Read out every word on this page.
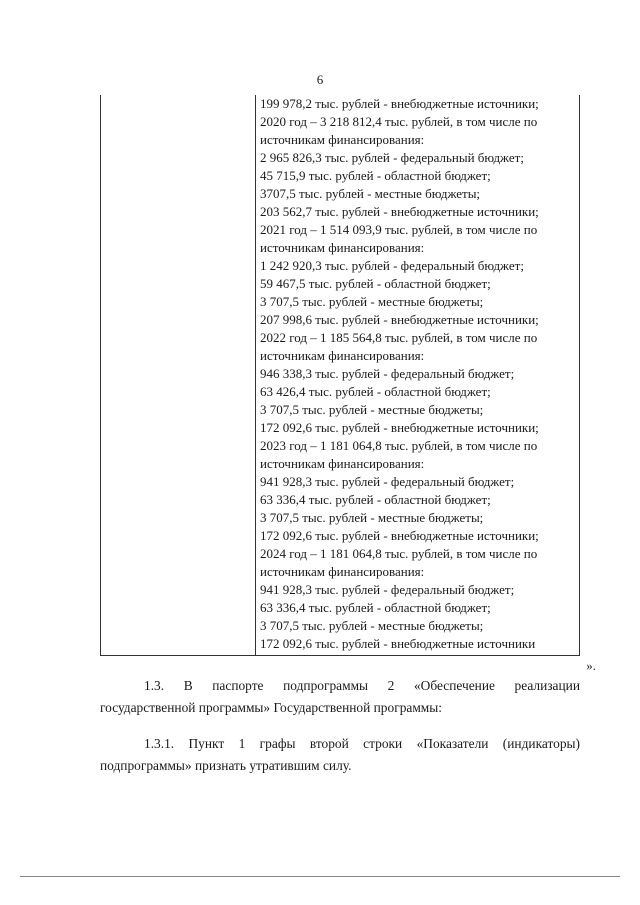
6
199 978,2 тыс. рублей - внебюджетные источники;
2020 год – 3 218 812,4 тыс. рублей, в том числе по
источникам финансирования:
2 965 826,3 тыс. рублей - федеральный бюджет;
45 715,9 тыс. рублей - областной бюджет;
3707,5 тыс. рублей - местные бюджеты;
203 562,7 тыс. рублей - внебюджетные источники;
2021 год – 1 514 093,9 тыс. рублей, в том числе по
источникам финансирования:
1 242 920,3 тыс. рублей - федеральный бюджет;
59 467,5 тыс. рублей - областной бюджет;
3 707,5 тыс. рублей - местные бюджеты;
207 998,6 тыс. рублей - внебюджетные источники;
2022 год – 1 185 564,8 тыс. рублей, в том числе по
источникам финансирования:
946 338,3 тыс. рублей - федеральный бюджет;
63 426,4 тыс. рублей - областной бюджет;
3 707,5 тыс. рублей - местные бюджеты;
172 092,6 тыс. рублей - внебюджетные источники;
2023 год – 1 181 064,8 тыс. рублей, в том числе по
источникам финансирования:
941 928,3 тыс. рублей - федеральный бюджет;
63 336,4 тыс. рублей - областной бюджет;
3 707,5 тыс. рублей - местные бюджеты;
172 092,6 тыс. рублей - внебюджетные источники;
2024 год – 1 181 064,8 тыс. рублей, в том числе по
источникам финансирования:
941 928,3 тыс. рублей - федеральный бюджет;
63 336,4 тыс. рублей - областной бюджет;
3 707,5 тыс. рублей - местные бюджеты;
172 092,6 тыс. рублей - внебюджетные источники
».
1.3. В паспорте подпрограммы 2 «Обеспечение реализации
государственной программы» Государственной программы:
1.3.1. Пункт 1 графы второй строки «Показатели (индикаторы)
подпрограммы» признать утратившим силу.
